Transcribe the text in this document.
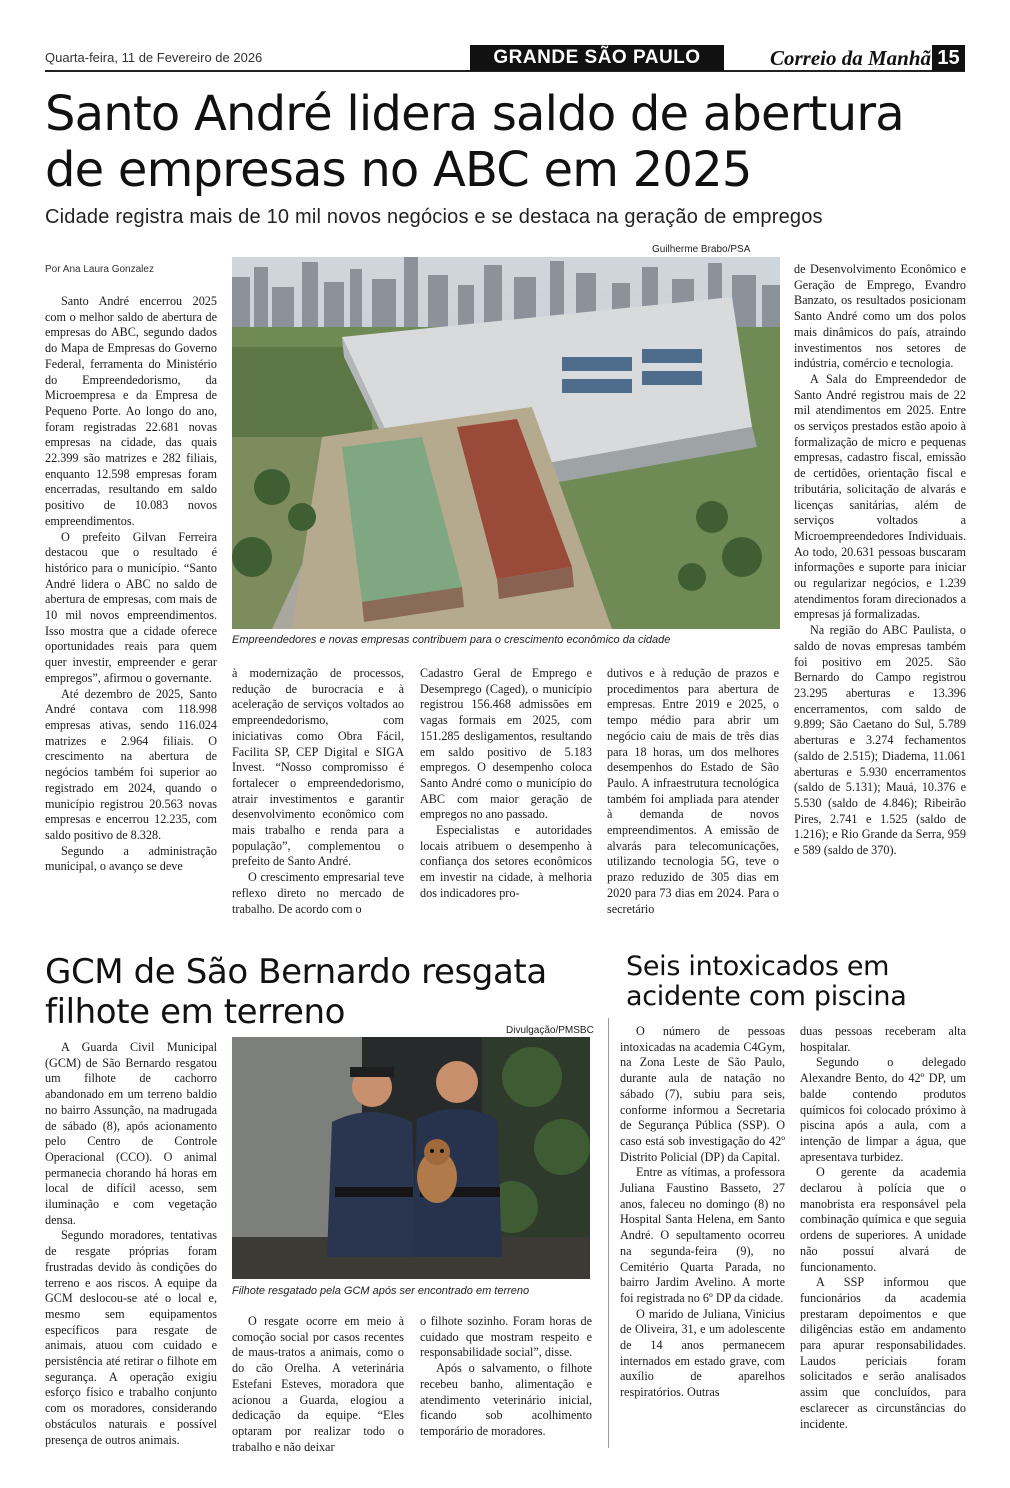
Quarta-feira, 11 de Fevereiro de 2026	GRANDE SÃO PAULO	Correio da Manhã 15
Santo André lidera saldo de abertura de empresas no ABC em 2025
Cidade registra mais de 10 mil novos negócios e se destaca na geração de empregos
Por Ana Laura Gonzalez
Guilherme Brabo/PSA
Empreendedores e novas empresas contribuem para o crescimento econômico da cidade

Santo André encerrou 2025 com o melhor saldo de abertura de empresas do ABC, segundo dados do Mapa de Empresas do Governo Federal, ferramenta do Ministério do Empreendedorismo, da Microempresa e da Empresa de Pequeno Porte. Ao longo do ano, foram registradas 22.681 novas empresas na cidade, das quais 22.399 são matrizes e 282 filiais, enquanto 12.598 empresas foram encerradas, resultando em saldo positivo de 10.083 novos empreendimentos.

O prefeito Gilvan Ferreira destacou que o resultado é histórico para o município. “Santo André lidera o ABC no saldo de abertura de empresas, com mais de 10 mil novos empreendimentos. Isso mostra que a cidade oferece oportunidades reais para quem quer investir, empreender e gerar empregos”, afirmou o governante.

Até dezembro de 2025, Santo André contava com 118.998 empresas ativas, sendo 116.024 matrizes e 2.964 filiais. O crescimento na abertura de negócios também foi superior ao registrado em 2024, quando o município registrou 20.563 novas empresas e encerrou 12.235, com saldo positivo de 8.328.

Segundo a administração municipal, o avanço se deve

à modernização de processos, redução de burocracia e à aceleração de serviços voltados ao empreendedorismo, com iniciativas como Obra Fácil, Facilita SP, CEP Digital e SIGA Invest. “Nosso compromisso é fortalecer o empreendedorismo, atrair investimentos e garantir desenvolvimento econômico com mais trabalho e renda para a população”, complementou o prefeito de Santo André.

O crescimento empresarial teve reflexo direto no mercado de trabalho. De acordo com o

Cadastro Geral de Emprego e Desemprego (Caged), o município registrou 156.468 admissões em vagas formais em 2025, com 151.285 desligamentos, resultando em saldo positivo de 5.183 empregos. O desempenho coloca Santo André como o município do ABC com maior geração de empregos no ano passado.

Especialistas e autoridades locais atribuem o desempenho à confiança dos setores econômicos em investir na cidade, à melhoria dos indicadores pro-

dutivos e à redução de prazos e procedimentos para abertura de empresas. Entre 2019 e 2025, o tempo médio para abrir um negócio caiu de mais de três dias para 18 horas, um dos melhores desempenhos do Estado de São Paulo. A infraestrutura tecnológica também foi ampliada para atender à demanda de novos empreendimentos. A emissão de alvarás para telecomunicações, utilizando tecnologia 5G, teve o prazo reduzido de 305 dias em 2020 para 73 dias em 2024. Para o secretário

de Desenvolvimento Econômico e Geração de Emprego, Evandro Banzato, os resultados posicionam Santo André como um dos polos mais dinâmicos do país, atraindo investimentos nos setores de indústria, comércio e tecnologia.

A Sala do Empreendedor de Santo André registrou mais de 22 mil atendimentos em 2025. Entre os serviços prestados estão apoio à formalização de micro e pequenas empresas, cadastro fiscal, emissão de certidões, orientação fiscal e tributária, solicitação de alvarás e licenças sanitárias, além de serviços voltados a Microempreendedores Individuais. Ao todo, 20.631 pessoas buscaram informações e suporte para iniciar ou regularizar negócios, e 1.239 atendimentos foram direcionados a empresas já formalizadas.

Na região do ABC Paulista, o saldo de novas empresas também foi positivo em 2025. São Bernardo do Campo registrou 23.295 aberturas e 13.396 encerramentos, com saldo de 9.899; São Caetano do Sul, 5.789 aberturas e 3.274 fechamentos (saldo de 2.515); Diadema, 11.061 aberturas e 5.930 encerramentos (saldo de 5.131); Mauá, 10.376 e 5.530 (saldo de 4.846); Ribeirão Pires, 2.741 e 1.525 (saldo de 1.216); e Rio Grande da Serra, 959 e 589 (saldo de 370).

GCM de São Bernardo resgata filhote em terreno	Divulgação/PMSBC
Filhote resgatado pela GCM após ser encontrado em terreno

A Guarda Civil Municipal (GCM) de São Bernardo resgatou um filhote de cachorro abandonado em um terreno baldio no bairro Assunção, na madrugada de sábado (8), após acionamento pelo Centro de Controle Operacional (CCO). O animal permanecia chorando há horas em local de difícil acesso, sem iluminação e com vegetação densa.

Segundo moradores, tentativas de resgate próprias foram frustradas devido às condições do terreno e aos riscos. A equipe da GCM deslocou-se até o local e, mesmo sem equipamentos específicos para resgate de animais, atuou com cuidado e persistência até retirar o filhote em segurança. A operação exigiu esforço físico e trabalho conjunto com os moradores, considerando obstáculos naturais e possível presença de outros animais.

O resgate ocorre em meio à comoção social por casos recentes de maus-tratos a animais, como o do cão Orelha. A veterinária Estefani Esteves, moradora que acionou a Guarda, elogiou a dedicação da equipe. “Eles optaram por realizar todo o trabalho e não deixar

o filhote sozinho. Foram horas de cuidado que mostram respeito e responsabilidade social”, disse.

Após o salvamento, o filhote recebeu banho, alimentação e atendimento veterinário inicial, ficando sob acolhimento temporário de moradores.

Seis intoxicados em acidente com piscina

O número de pessoas intoxicadas na academia C4Gym, na Zona Leste de São Paulo, durante aula de natação no sábado (7), subiu para seis, conforme informou a Secretaria de Segurança Pública (SSP). O caso está sob investigação do 42º Distrito Policial (DP) da Capital.

Entre as vítimas, a professora Juliana Faustino Basseto, 27 anos, faleceu no domingo (8) no Hospital Santa Helena, em Santo André. O sepultamento ocorreu na segunda-feira (9), no Cemitério Quarta Parada, no bairro Jardim Avelino. A morte foi registrada no 6º DP da cidade.

O marido de Juliana, Vinicius de Oliveira, 31, e um adolescente de 14 anos permanecem internados em estado grave, com auxílio de aparelhos respiratórios. Outras

duas pessoas receberam alta hospitalar.

Segundo o delegado Alexandre Bento, do 42º DP, um balde contendo produtos químicos foi colocado próximo à piscina após a aula, com a intenção de limpar a água, que apresentava turbidez.

O gerente da academia declarou à polícia que o manobrista era responsável pela combinação química e que seguia ordens de superiores. A unidade não possuí alvará de funcionamento.

A SSP informou que funcionários da academia prestaram depoimentos e que diligências estão em andamento para apurar responsabilidades. Laudos periciais foram solicitados e serão analisados assim que concluídos, para esclarecer as circunstâncias do incidente.
